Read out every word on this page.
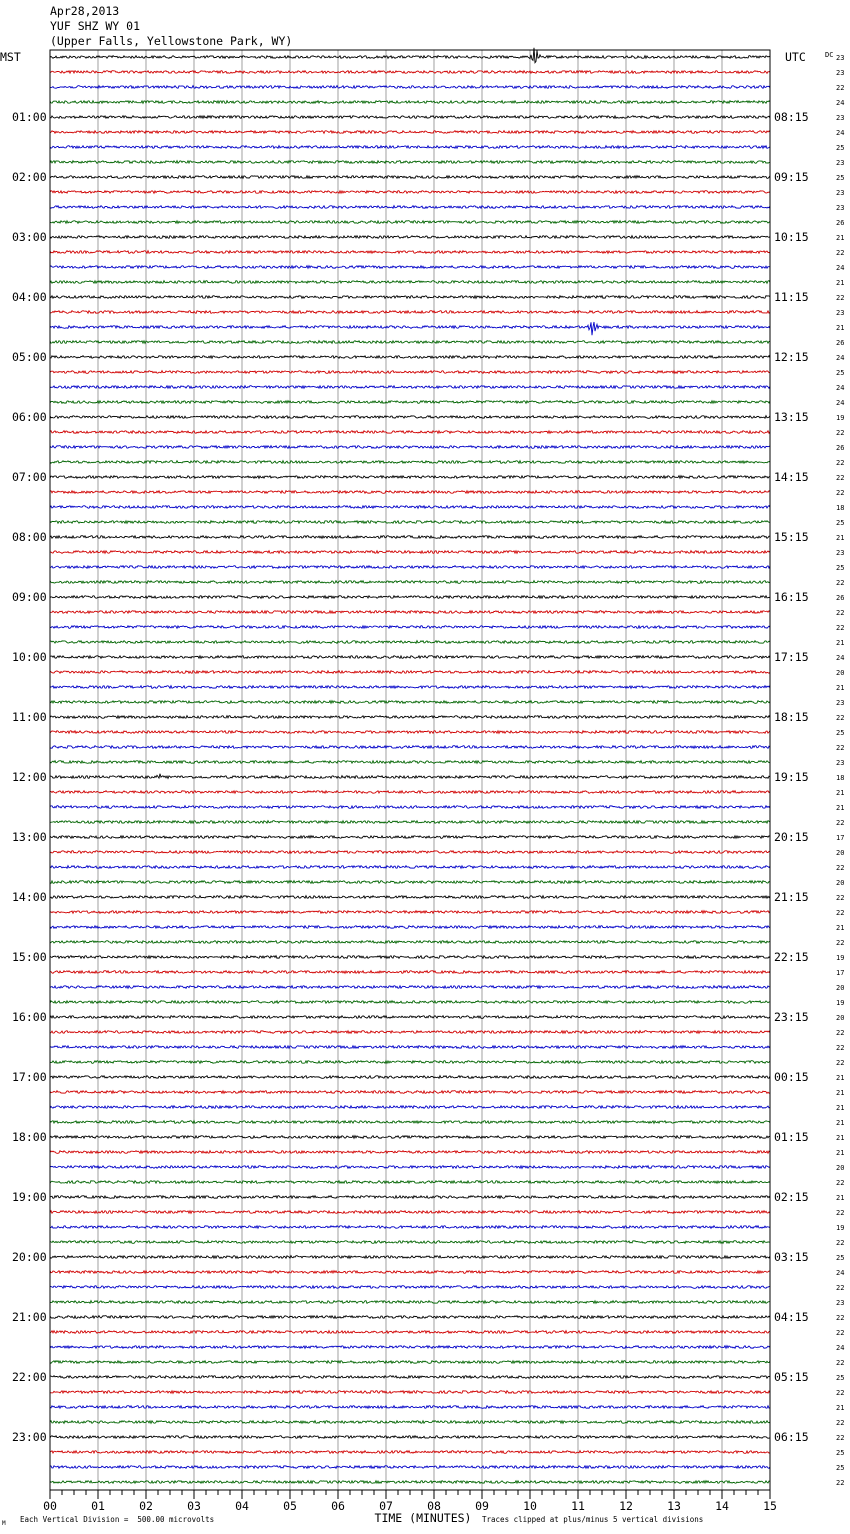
Apr28,2013
YUF SHZ WY 01
(Upper Falls, Yellowstone Park, WY)
01:00
02:00
03:00
04:00
05:00
06:00
07:00
08:00
09:00
10:00
11:00
12:00
13:00
14:00
15:00
16:00
17:00
18:00
19:00
20:00
21:00
22:00
23:00
08:15
09:15
10:15
11:15
12:15
13:15
14:15
15:15
16:15
17:15
18:15
19:15
20:15
21:15
22:15
23:15
00:15
01:15
02:15
03:15
04:15
05:15
06:15
23
23
22
24
23
24
25
23
25
23
23
26
21
22
24
21
22
23
21
26
24
25
24
24
19
22
26
22
22
22
18
25
21
23
25
22
26
22
22
21
24
20
21
23
22
25
22
23
18
21
21
22
17
20
22
20
22
22
21
22
19
17
20
19
20
22
22
22
21
21
21
21
21
21
20
22
21
22
19
22
25
24
22
23
22
22
24
22
25
22
21
22
22
25
25
22
00	01	02	03	04	05	06	07	08	09	10	11	12	13	14	15
MST	UTC	DC
TIME (MINUTES)
M Each Vertical Division =  500.00 microvolts	Traces clipped at plus/minus 5 vertical divisions
